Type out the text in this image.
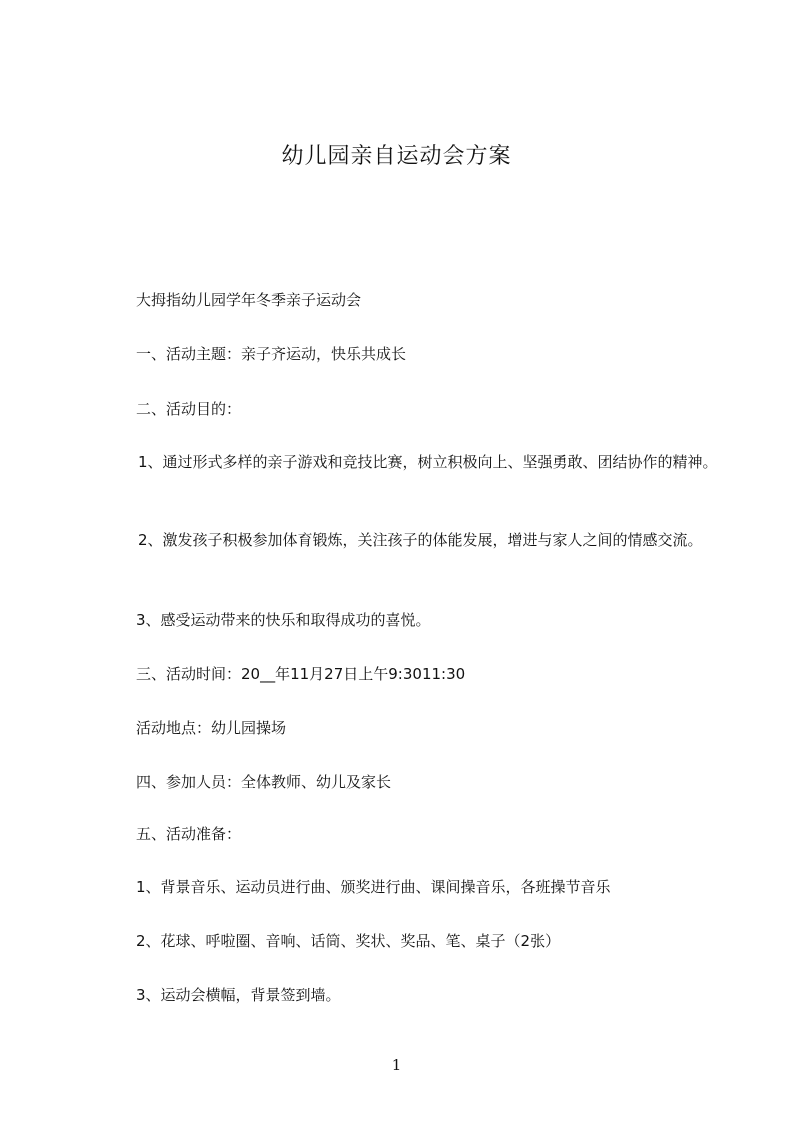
幼儿园亲自运动会方案
大拇指幼儿园学年冬季亲子运动会
一、活动主题：亲子齐运动，快乐共成长
二、活动目的：
1、通过形式多样的亲子游戏和竞技比赛，树立积极向上、坚强勇敢、团结协作的精神。
2、激发孩子积极参加体育锻炼，关注孩子的体能发展，增进与家人之间的情感交流。
3、感受运动带来的快乐和取得成功的喜悦。
三、活动时间：20__年11月27日上午9:3011:30
活动地点：幼儿园操场
四、参加人员：全体教师、幼儿及家长
五、活动准备：
1、背景音乐、运动员进行曲、颁奖进行曲、课间操音乐，各班操节音乐
2、花球、呼啦圈、音响、话筒、奖状、奖品、笔、桌子（2张）
3、运动会横幅，背景签到墙。
1
